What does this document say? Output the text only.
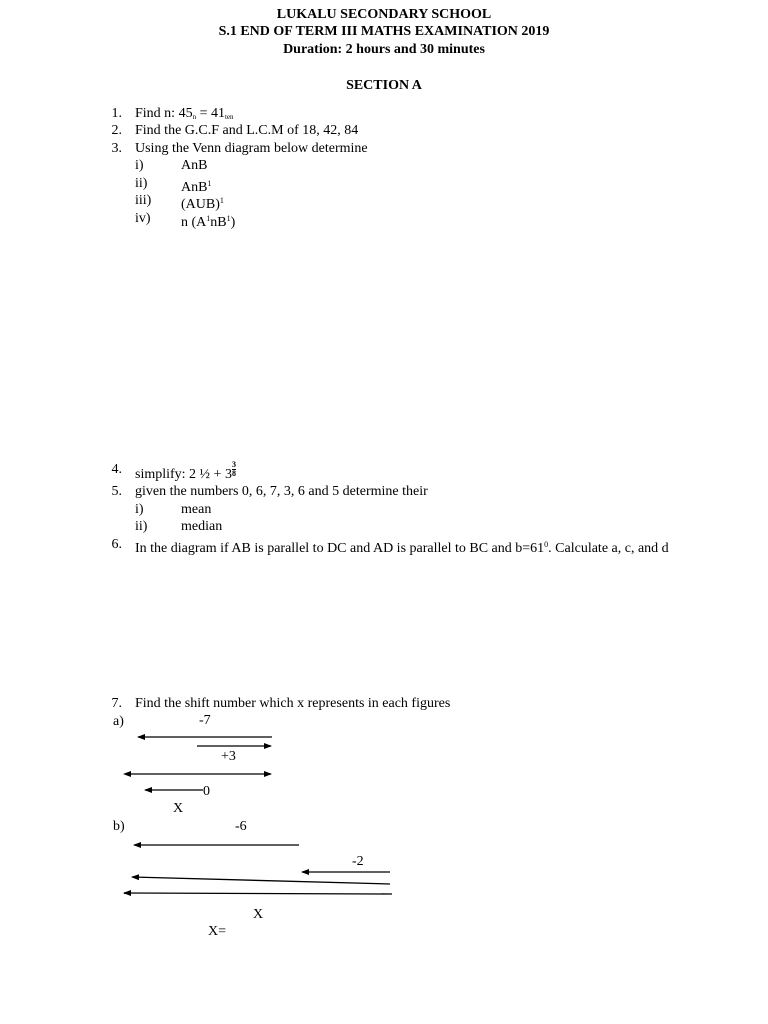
LUKALU SECONDARY SCHOOL
S.1 END OF TERM III MATHS EXAMINATION 2019
Duration: 2 hours and 30 minutes
SECTION A
1. Find n: $45_n = 41_{ten}$
2. Find the G.C.F and L.C.M of 18, 42, 84
3. Using the Venn diagram below determine
i)	AnB
ii) AnB$^1$
iii) (AUB)$^1$
iv) n $(A^1nB^1)$
4. simplify: 2 ½ + $3 \frac{3}{8}$
5. given the numbers 0, 6, 7, 3, 6 and 5 determine their
i)	mean
ii) median
6. In the diagram if AB is parallel to DC and AD is parallel to BC and $b=61^0$. Calculate a, c, and d
7. Find the shift number which x represents in each figures
a)	-7
+3
0
X
b)	-6
-2
X
X=
